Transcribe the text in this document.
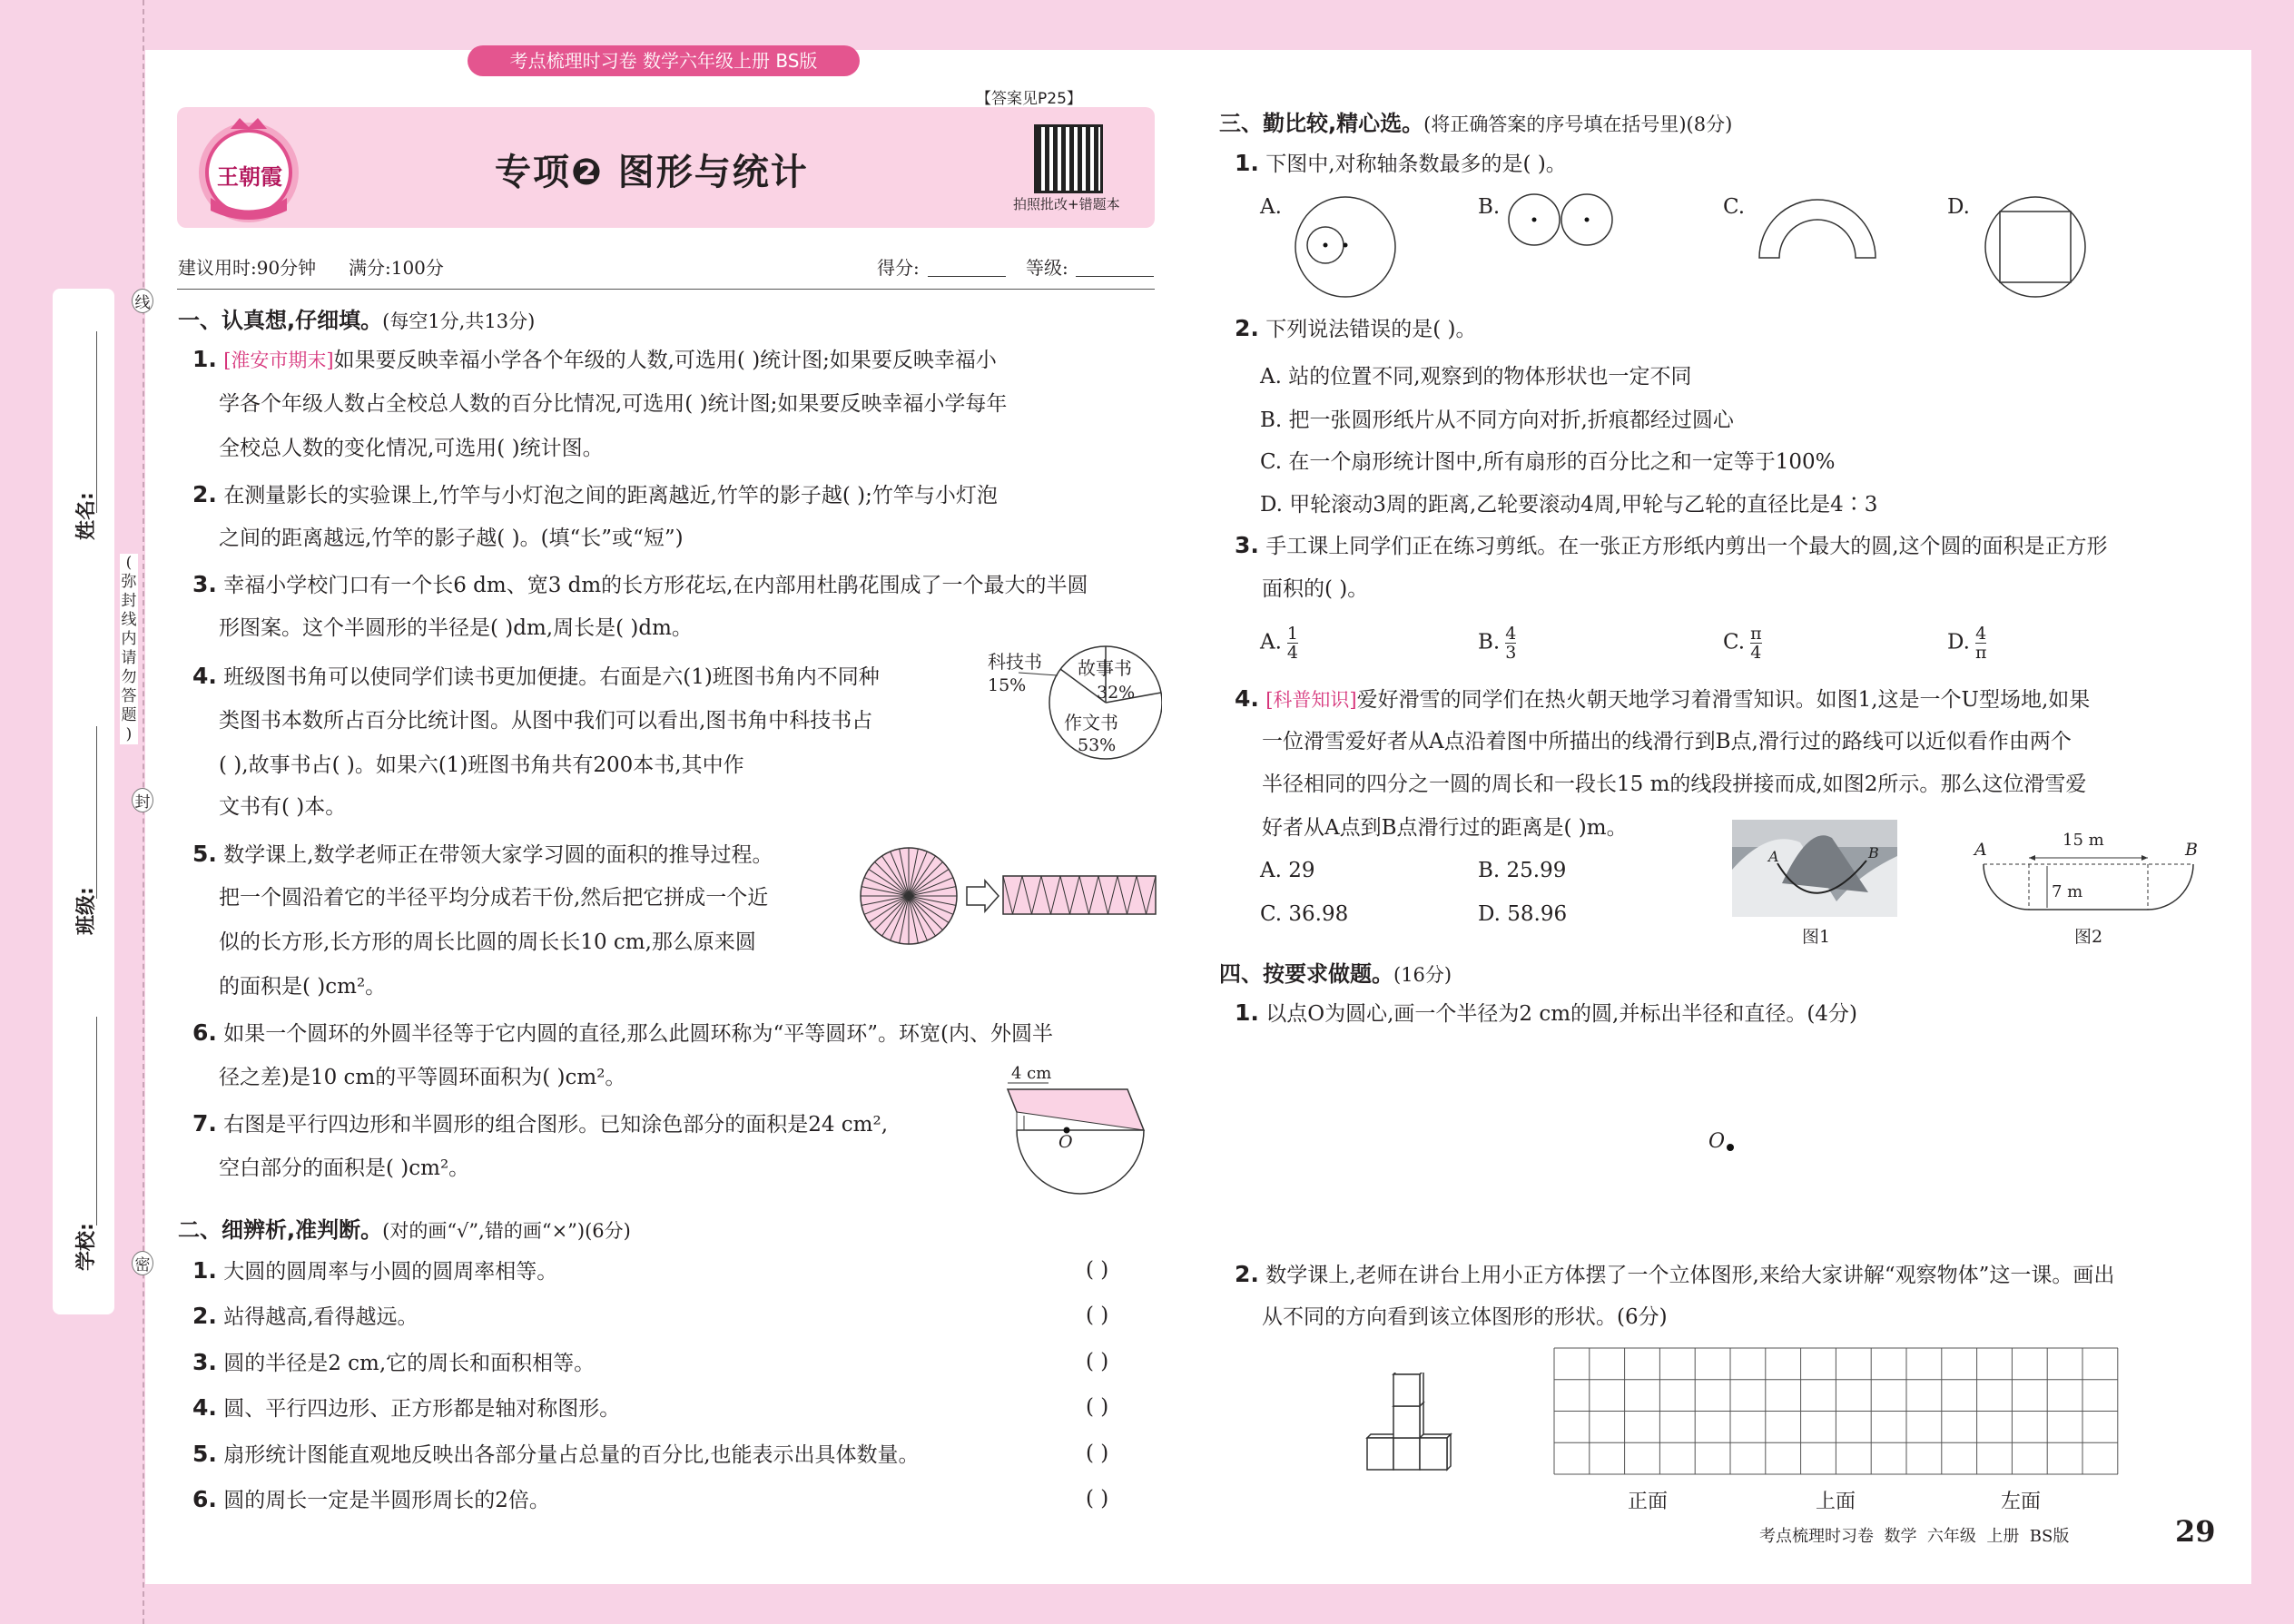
姓名:
班级:
学校:
线
封
密
(
弥
封
线
内
请
勿
答
题
)
考点梳理时习卷 数学六年级上册 BS版
【答案见P25】
王朝霞	专项❷ 图形与统计
拍照批改+错题本
建议用时:90分钟 满分:100分	得分:	等级:
一、认真想,仔细填。(每空1分,共13分)
1. [淮安市期末]如果要反映幸福小学各个年级的人数,可选用( )统计图;如果要反映幸福小
学各个年级人数占全校总人数的百分比情况,可选用( )统计图;如果要反映幸福小学每年
全校总人数的变化情况,可选用( )统计图。
2. 在测量影长的实验课上,竹竿与小灯泡之间的距离越近,竹竿的影子越( );竹竿与小灯泡
之间的距离越远,竹竿的影子越( )。(填“长”或“短”)
3. 幸福小学校门口有一个长6 dm、宽3 dm的长方形花坛,在内部用杜鹃花围成了一个最大的半圆
形图案。这个半圆形的半径是( )dm,周长是( )dm。
4. 班级图书角可以使同学们读书更加便捷。右面是六(1)班图书角内不同种
类图书本数所占百分比统计图。从图中我们可以看出,图书角中科技书占
( ),故事书占( )。如果六(1)班图书角共有200本书,其中作
文书有( )本。
科技书
15%
故事书
32%
作文书
53%
5. 数学课上,数学老师正在带领大家学习圆的面积的推导过程。
把一个圆沿着它的半径平均分成若干份,然后把它拼成一个近
似的长方形,长方形的周长比圆的周长长10 cm,那么原来圆
的面积是( )cm²。
6. 如果一个圆环的外圆半径等于它内圆的直径,那么此圆环称为“平等圆环”。环宽(内、外圆半
径之差)是10 cm的平等圆环面积为( )cm²。
7. 右图是平行四边形和半圆形的组合图形。已知涂色部分的面积是24 cm²,
空白部分的面积是( )cm²。
4 cm
O
二、细辨析,准判断。(对的画“√”,错的画“×”)(6分)
1. 大圆的圆周率与小圆的圆周率相等。	( )
2. 站得越高,看得越远。	( )
3. 圆的半径是2 cm,它的周长和面积相等。	( )
4. 圆、平行四边形、正方形都是轴对称图形。	( )
5. 扇形统计图能直观地反映出各部分量占总量的百分比,也能表示出具体数量。	( )
6. 圆的周长一定是半圆形周长的2倍。	( )
三、勤比较,精心选。(将正确答案的序号填在括号里)(8分)
1. 下图中,对称轴条数最多的是( )。
A.	B.	C.	D.
2. 下列说法错误的是( )。
A. 站的位置不同,观察到的物体形状也一定不同
B. 把一张圆形纸片从不同方向对折,折痕都经过圆心
C. 在一个扇形统计图中,所有扇形的百分比之和一定等于100%
D. 甲轮滚动3周的距离,乙轮要滚动4周,甲轮与乙轮的直径比是4∶3
3. 手工课上同学们正在练习剪纸。在一张正方形纸内剪出一个最大的圆,这个圆的面积是正方形
面积的( )。
A. $\frac{1}{4}$	B. $\frac{4}{3}$	C. $\frac{\pi}{4}$	D. $\frac{4}{\pi}$
4. [科普知识]爱好滑雪的同学们在热火朝天地学习着滑雪知识。如图1,这是一个U型场地,如果
一位滑雪爱好者从A点沿着图中所描出的线滑行到B点,滑行过的路线可以近似看作由两个
半径相同的四分之一圆的周长和一段长15 m的线段拼接而成,如图2所示。那么这位滑雪爱
好者从A点到B点滑行过的距离是( )m。
A. 29	B. 25.99
C. 36.98	D. 58.96
A	B
图1
A	B
15 m
7 m
图2
四、按要求做题。(16分)
1. 以点O为圆心,画一个半径为2 cm的圆,并标出半径和直径。(4分)
O
2. 数学课上,老师在讲台上用小正方体摆了一个立体图形,来给大家讲解“观察物体”这一课。画出
从不同的方向看到该立体图形的形状。(6分)
正面	上面	左面
考点梳理时习卷  数学  六年级  上册  BS版	29
